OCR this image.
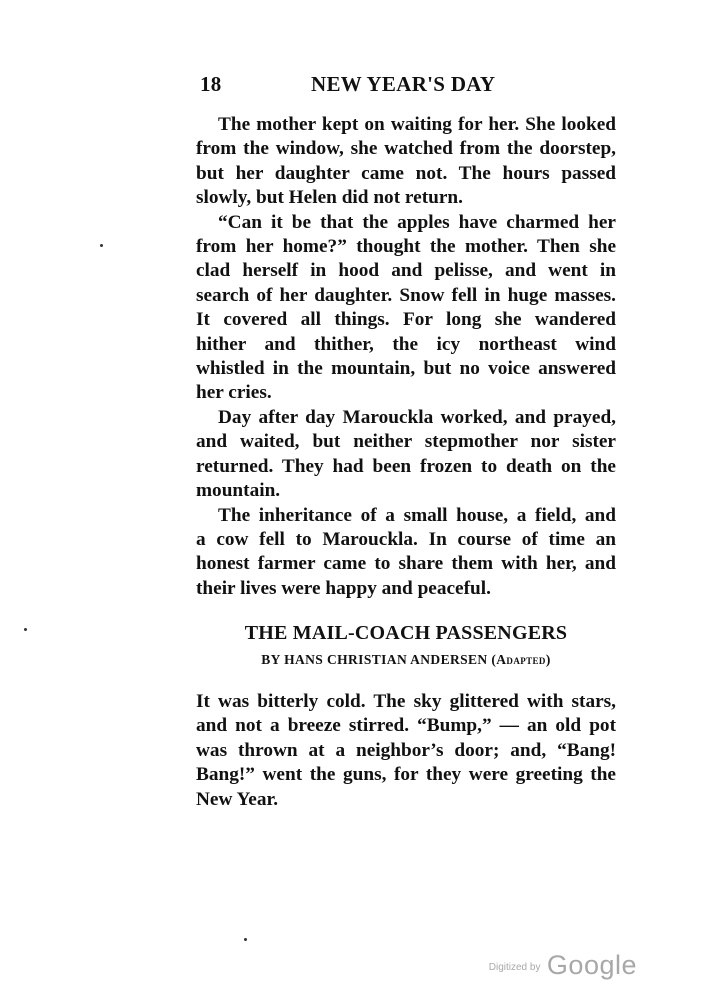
18	NEW YEAR'S DAY

The mother kept on waiting for her. She looked
from the window, she watched from the doorstep,
but her daughter came not. The hours passed
slowly, but Helen did not return.

“Can it be that the apples have charmed her
from her home?” thought the mother. Then she
clad herself in hood and pelisse, and went in
search of her daughter. Snow fell in huge masses.
It covered all things. For long she wandered
hither and thither, the icy northeast wind
whistled in the mountain, but no voice answered
her cries.

Day after day Marouckla worked, and prayed,
and waited, but neither stepmother nor sister
returned. They had been frozen to death on the
mountain.

The inheritance of a small house, a field, and
a cow fell to Marouckla. In course of time an
honest farmer came to share them with her, and
their lives were happy and peaceful.

THE MAIL-COACH PASSENGERS
BY HANS CHRISTIAN ANDERSEN (Adapted)

It was bitterly cold. The sky glittered with stars,
and not a breeze stirred. “Bump,” — an old pot
was thrown at a neighbor’s door; and, “Bang!
Bang!” went the guns, for they were greeting the
New Year.

$^{Digitized by}$ Google
